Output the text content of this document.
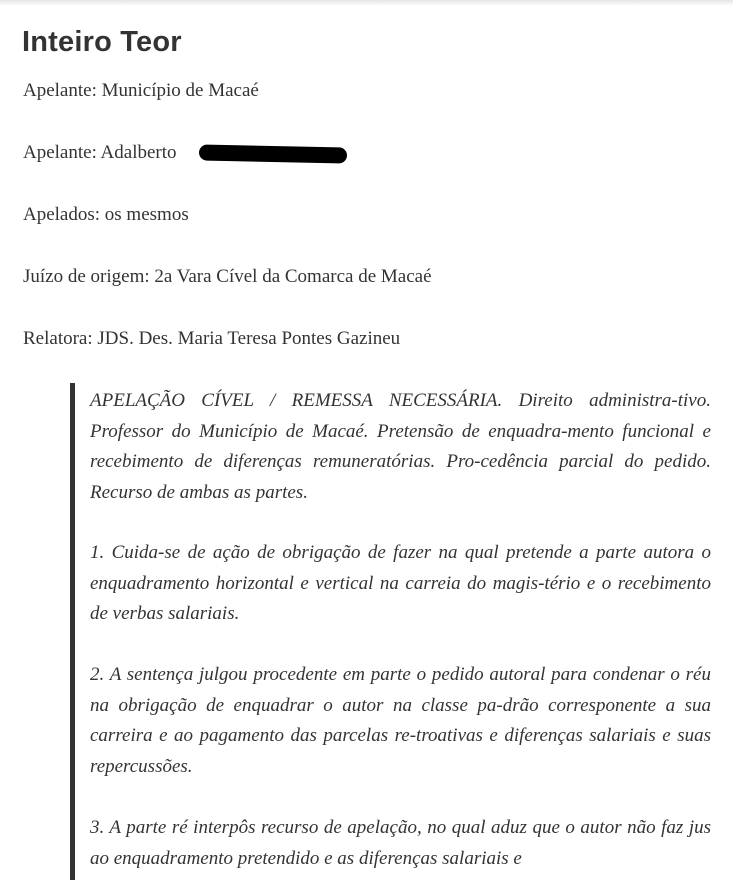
Inteiro Teor

Apelante: Município de Macaé

Apelante: Adalberto

Apelados: os mesmos

Juízo de origem: 2a Vara Cível da Comarca de Macaé

Relatora: JDS. Des. Maria Teresa Pontes Gazineu

APELAÇÃO CÍVEL / REMESSA NECESSÁRIA. Direito administra-tivo. Professor do Município de Macaé. Pretensão de enquadra-mento funcional e recebimento de diferenças remuneratórias. Pro-cedência parcial do pedido. Recurso de ambas as partes.

1. Cuida-se de ação de obrigação de fazer na qual pretende a parte autora o enquadramento horizontal e vertical na carreia do magis-tério e o recebimento de verbas salariais.

2. A sentença julgou procedente em parte o pedido autoral para condenar o réu na obrigação de enquadrar o autor na classe pa-drão corresponente a sua carreira e ao pagamento das parcelas re-troativas e diferenças salariais e suas repercussões.

3. A parte ré interpôs recurso de apelação, no qual aduz que o autor não faz jus ao enquadramento pretendido e as diferenças salariais e
